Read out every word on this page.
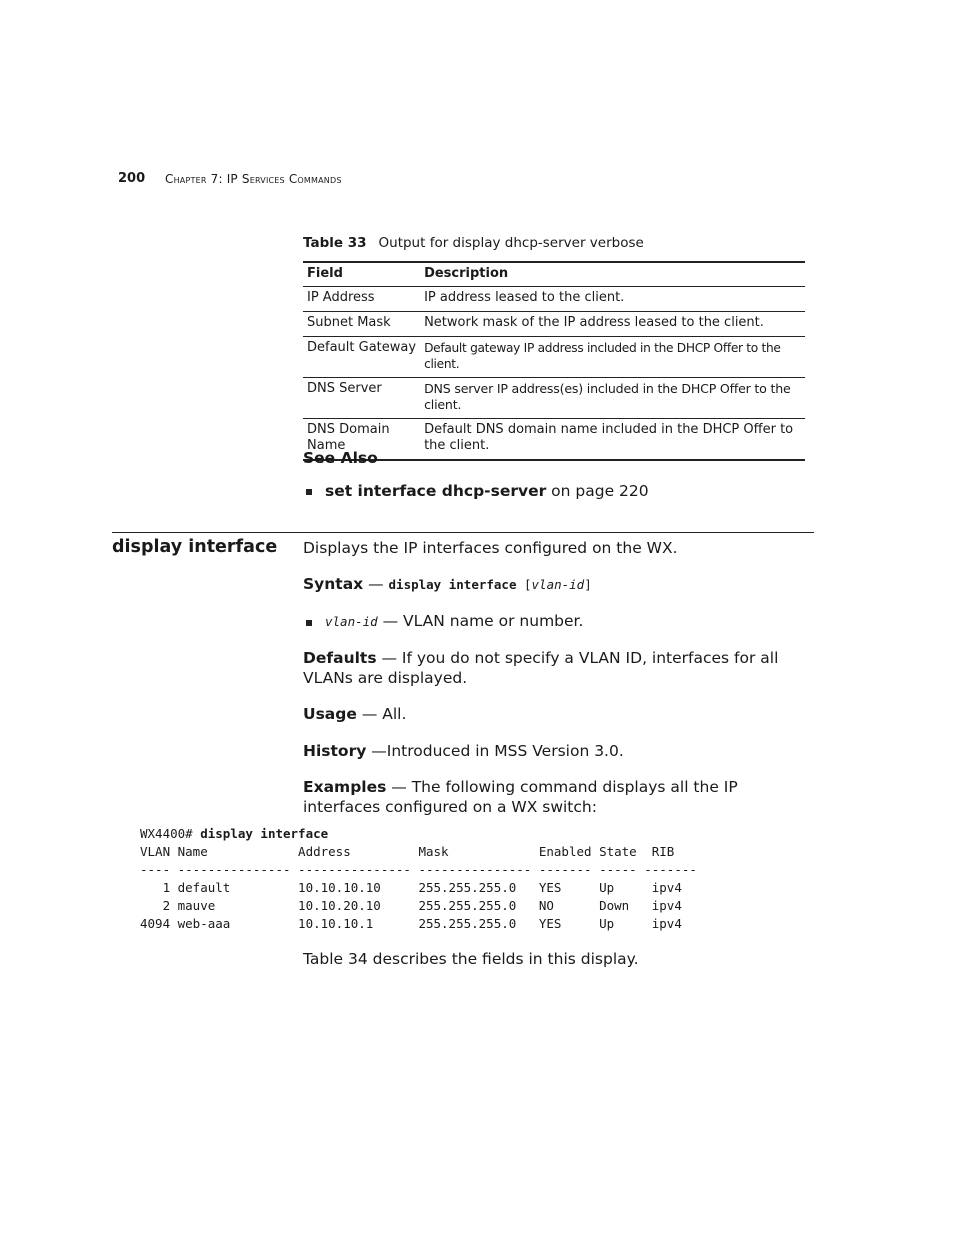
200 Chapter 7: IP Services Commands
Table 33 Output for display dhcp-server verbose
Field	Description
IP Address	IP address leased to the client.
Subnet Mask	Network mask of the IP address leased to the client.
Default Gateway	Default gateway IP address included in the DHCP Offer to the client.
DNS Server	DNS server IP address(es) included in the DHCP Offer to the client.
DNS Domain Name	Default DNS domain name included in the DHCP Offer to the client.
See Also
set interface dhcp-server on page 220
display interface Displays the IP interfaces configured on the WX.
Syntax — display interface [vlan-id]
vlan-id — VLAN name or number.
Defaults — If you do not specify a VLAN ID, interfaces for all VLANs are displayed.
Usage — All.
History —Introduced in MSS Version 3.0.
Examples — The following command displays all the IP interfaces configured on a WX switch:
WX4400# display interface
VLAN Name            Address         Mask            Enabled State  RIB
---- --------------- --------------- --------------- ------- ----- -------
1 default         10.10.10.10     255.255.255.0   YES     Up     ipv4
2 mauve           10.10.20.10     255.255.255.0   NO      Down   ipv4
4094 web-aaa         10.10.10.1      255.255.255.0   YES     Up     ipv4
Table 34 describes the fields in this display.
